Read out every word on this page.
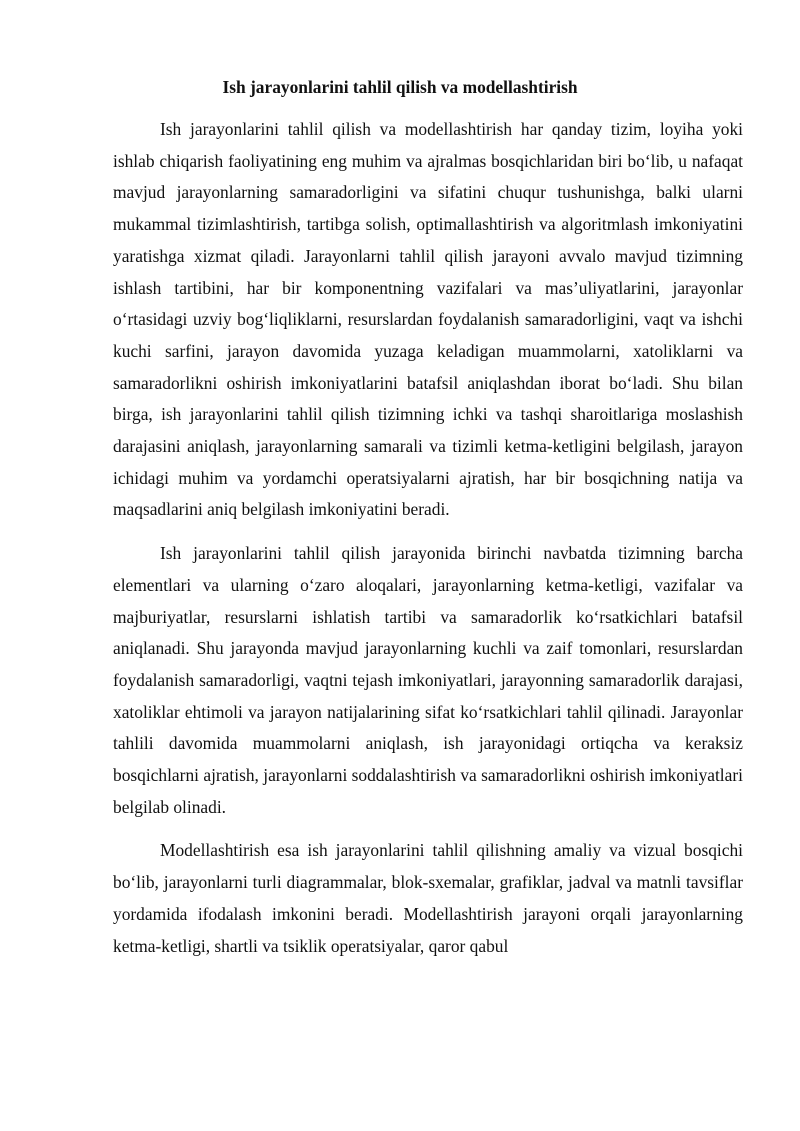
Ish jarayonlarini tahlil qilish va modellashtirish

Ish jarayonlarini tahlil qilish va modellashtirish har qanday tizim, loyiha yoki ishlab chiqarish faoliyatining eng muhim va ajralmas bosqichlaridan biri bo‘lib, u nafaqat mavjud jarayonlarning samaradorligini va sifatini chuqur tushunishga, balki ularni mukammal tizimlashtirish, tartibga solish, optimallashtirish va algoritmlash imkoniyatini yaratishga xizmat qiladi. Jarayonlarni tahlil qilish jarayoni avvalo mavjud tizimning ishlash tartibini, har bir komponentning vazifalari va mas’uliyatlarini, jarayonlar o‘rtasidagi uzviy bog‘liqliklarni, resurslardan foydalanish samaradorligini, vaqt va ishchi kuchi sarfini, jarayon davomida yuzaga keladigan muammolarni, xatoliklarni va samaradorlikni oshirish imkoniyatlarini batafsil aniqlashdan iborat bo‘ladi. Shu bilan birga, ish jarayonlarini tahlil qilish tizimning ichki va tashqi sharoitlariga moslashish darajasini aniqlash, jarayonlarning samarali va tizimli ketma-ketligini belgilash, jarayon ichidagi muhim va yordamchi operatsiyalarni ajratish, har bir bosqichning natija va maqsadlarini aniq belgilash imkoniyatini beradi.

Ish jarayonlarini tahlil qilish jarayonida birinchi navbatda tizimning barcha elementlari va ularning o‘zaro aloqalari, jarayonlarning ketma-ketligi, vazifalar va majburiyatlar, resurslarni ishlatish tartibi va samaradorlik ko‘rsatkichlari batafsil aniqlanadi. Shu jarayonda mavjud jarayonlarning kuchli va zaif tomonlari, resurslardan foydalanish samaradorligi, vaqtni tejash imkoniyatlari, jarayonning samaradorlik darajasi, xatoliklar ehtimoli va jarayon natijalarining sifat ko‘rsatkichlari tahlil qilinadi. Jarayonlar tahlili davomida muammolarni aniqlash, ish jarayonidagi ortiqcha va keraksiz bosqichlarni ajratish, jarayonlarni soddalashtirish va samaradorlikni oshirish imkoniyatlari belgilab olinadi.

Modellashtirish esa ish jarayonlarini tahlil qilishning amaliy va vizual bosqichi bo‘lib, jarayonlarni turli diagrammalar, blok-sxemalar, grafiklar, jadval va matnli tavsiflar yordamida ifodalash imkonini beradi. Modellashtirish jarayoni orqali jarayonlarning ketma-ketligi, shartli va tsiklik operatsiyalar, qaror qabul
